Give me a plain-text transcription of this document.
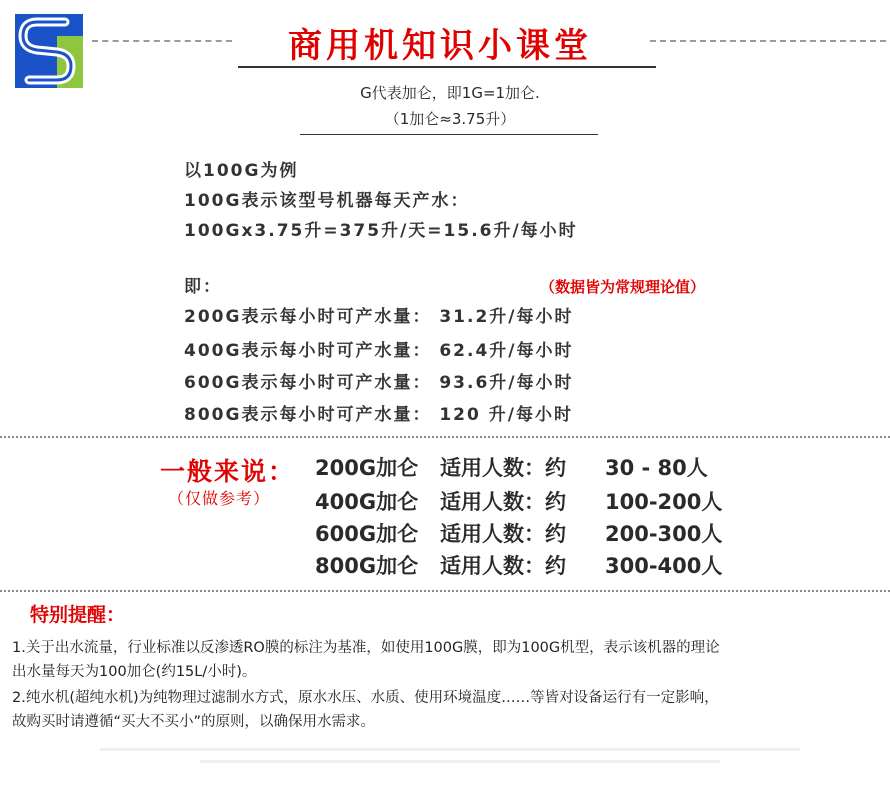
商用机知识小课堂
G代表加仑，即1G=1加仑.
（1加仑≈3.75升）
以100G为例
100G表示该型号机器每天产水：
100Gx3.75升=375升/天=15.6升/每小时
即：	（数据皆为常规理论值）
200G表示每小时可产水量： 31.2升/每小时
400G表示每小时可产水量： 62.4升/每小时
600G表示每小时可产水量： 93.6升/每小时
800G表示每小时可产水量： 120 升/每小时
一般来说：
（仅做参考）
200G加仑 适用人数：约 30 - 80人
400G加仑 适用人数：约 100-200人
600G加仑 适用人数：约 200-300人
800G加仑 适用人数：约 300-400人
特别提醒：
1.关于出水流量，行业标准以反渗透RO膜的标注为基准，如使用100G膜，即为100G机型，表示该机器的理论
出水量每天为100加仑(约15L/小时)。
2.纯水机(超纯水机)为纯物理过滤制水方式，原水水压、水质、使用环境温度……等皆对设备运行有一定影响，
故购买时请遵循“买大不买小”的原则，以确保用水需求。
